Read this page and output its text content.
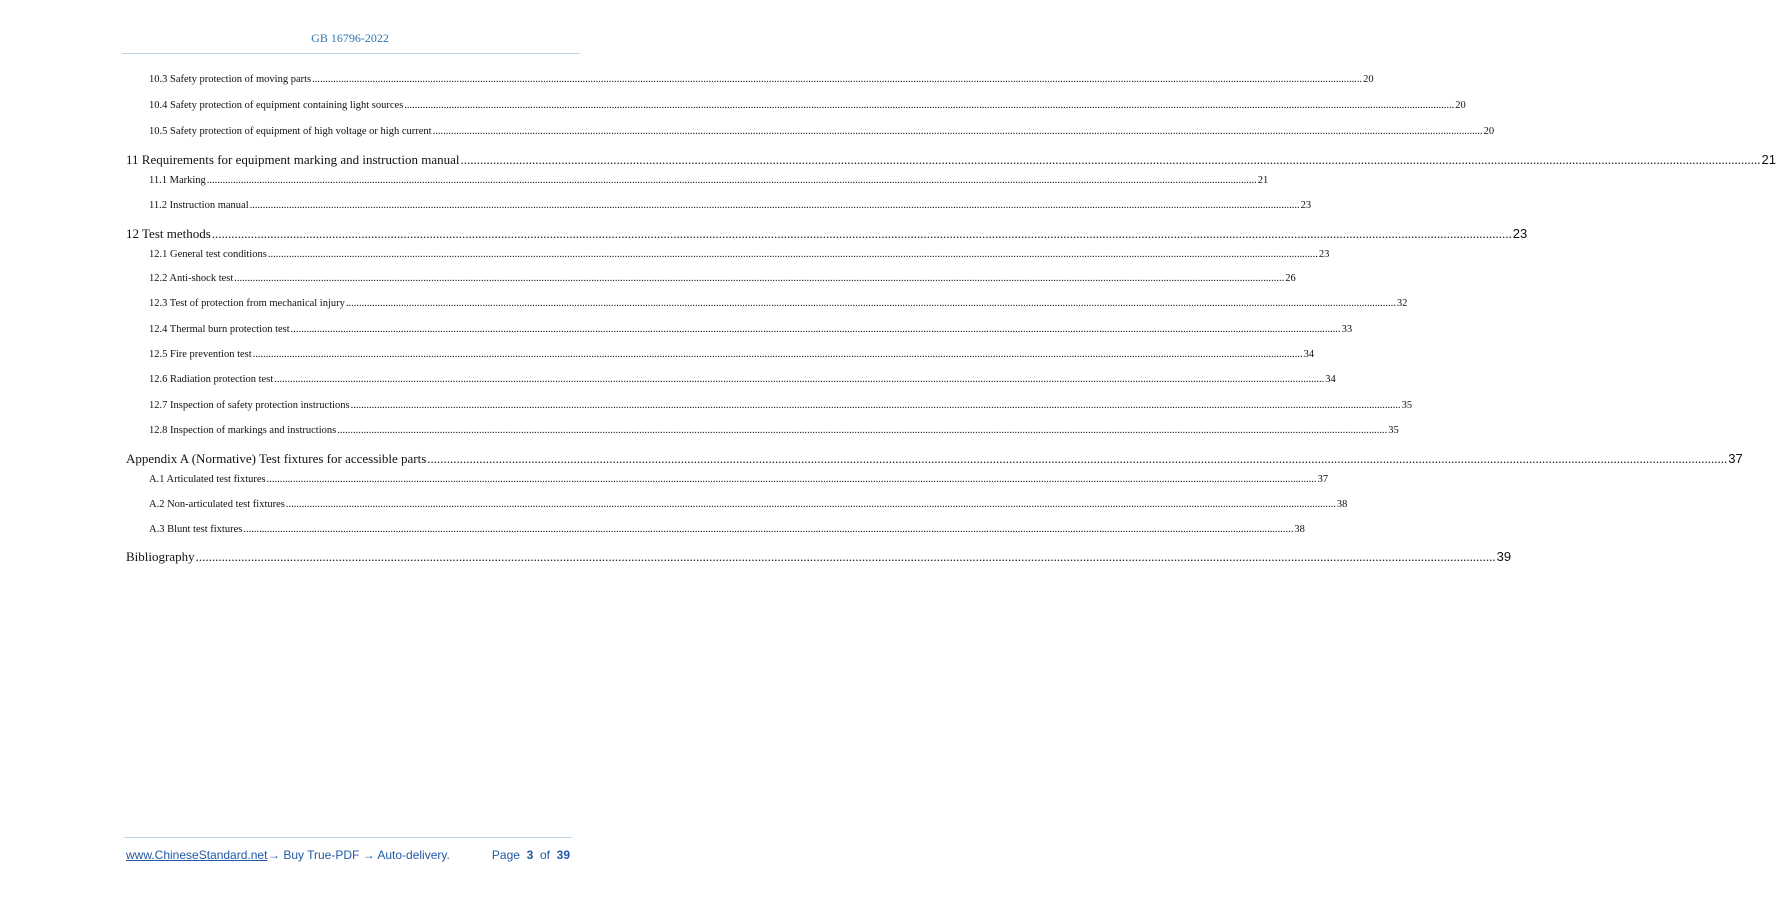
GB 16796-2022
10.3 Safety protection of moving parts ................................................................................................................................................................................................................................................................................................................................................................................................................ 20
10.4 Safety protection of equipment containing light sources ................................................................................................................................................................................................................................................................................................................................................................................................................ 20
10.5 Safety protection of equipment of high voltage or high current ................................................................................................................................................................................................................................................................................................................................................................................................................ 20
11 Requirements for equipment marking and instruction manual ................................................................................................................................................................................................................................................................................................................................................................................................................ 21
11.1 Marking ................................................................................................................................................................................................................................................................................................................................................................................................................ 21
11.2 Instruction manual ................................................................................................................................................................................................................................................................................................................................................................................................................ 23
12 Test methods ................................................................................................................................................................................................................................................................................................................................................................................................................ 23
12.1 General test conditions ................................................................................................................................................................................................................................................................................................................................................................................................................ 23
12.2 Anti-shock test ................................................................................................................................................................................................................................................................................................................................................................................................................ 26
12.3 Test of protection from mechanical injury ................................................................................................................................................................................................................................................................................................................................................................................................................ 32
12.4 Thermal burn protection test ................................................................................................................................................................................................................................................................................................................................................................................................................ 33
12.5 Fire prevention test ................................................................................................................................................................................................................................................................................................................................................................................................................ 34
12.6 Radiation protection test ................................................................................................................................................................................................................................................................................................................................................................................................................ 34
12.7 Inspection of safety protection instructions ................................................................................................................................................................................................................................................................................................................................................................................................................ 35
12.8 Inspection of markings and instructions ................................................................................................................................................................................................................................................................................................................................................................................................................ 35
Appendix A (Normative) Test fixtures for accessible parts ................................................................................................................................................................................................................................................................................................................................................................................................................ 37
A.1 Articulated test fixtures ................................................................................................................................................................................................................................................................................................................................................................................................................ 37
A.2 Non-articulated test fixtures ................................................................................................................................................................................................................................................................................................................................................................................................................ 38
A.3 Blunt test fixtures ................................................................................................................................................................................................................................................................................................................................................................................................................ 38
Bibliography ................................................................................................................................................................................................................................................................................................................................................................................................................ 39
www.ChineseStandard.net → Buy True-PDF → Auto-delivery.	Page 3 of 39
